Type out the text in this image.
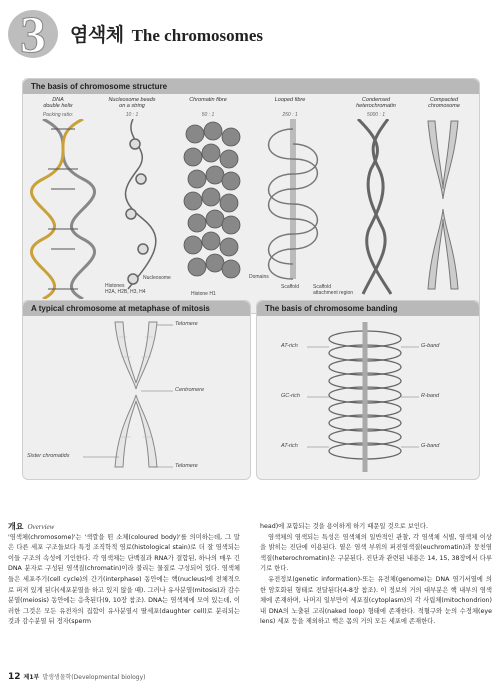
3 염색체 The chromosomes
The basis of chromosome structure
DNA
double helix
Packing ratio:
Nucleosome beads
on a string
10 : 1
Chromatin fibre
50 : 1
Looped fibre
250 : 1
Condensed
heterochromatin
5000 : 1
Compacted
chromosome
Histones
H2A, H2B, H3, H4
Nucleosome
Histone H1
Domains
Scaffold	Scaffold
attachment region
A typical chromosome at metaphase of mitosis
Telomere
Centromere
Sister chromatids
Telomere
The basis of chromosome banding
AT-rich
GC-rich
AT-rich
G-band
R-band
G-band
개요 Overview

'염색체(chromosome)'는 '색깔을 띤 소체(coloured body)'를 의미하는데, 그 말은 다른 세포 구조들보다 특정 조직학적 염료(histological stain)로 더 잘 염색되는 이들 구조의 속성에 기인한다. 각 염색체는 단백질과 RNA가 결합된, 하나의 매우 긴 DNA 분자로 구성된 염색질(chromatin)이라 불리는 물질로 구성되어 있다. 염색체들은 세포주기(cell cycle)의 간기(interphase) 동안에는 핵(nucleus)에 전체적으로 퍼져 있게 된다(세포분열을 하고 있지 않을 때). 그러나 유사분열(mitosis)과 감수분열(meiosis) 동안에는 응축된다(9, 10장 참조). DNA는 염색체에 모여 있는데, 이러한 그것은 모든 유전자의 집합이 유사분열시 딸세포(daughter cell)로 분리되는 것과 감수분열 뒤 정자(sperm

head)에 포함되는 것을 용이하게 하기 때문일 것으로 보인다.

염색체의 염색되는 특성은 염색체의 일반적인 관찰, 각 염색체 식별, 염색체 이상을 밝히는 진단에 이용된다. 옅은 염색 부위의 퍼진염색질(euchromatin)과 뭉친염색질(heterochromatin)은 구분된다. 진단과 관련된 내용은 14, 15, 38장에서 다루기로 한다.

유전정보(genetic information)-또는 유전체(genome)는 DNA 염기서열에 의한 암호화된 형태로 전달된다(4-8장 참조). 이 정보의 거의 대부분은 핵 내부의 염색체에 존재하며, 나머지 일부만이 세포질(cytoplasm)의 각 사립체(mitochondrion)내 DNA의 노출된 고리(naked loop) 형태에 존재한다. 적혈구와 눈의 수정체(eye lens) 세포 등을 제외하고 핵은 몸의 거의 모든 세포에 존재한다.

12 제1부 발생생물학(Developmental biology)
